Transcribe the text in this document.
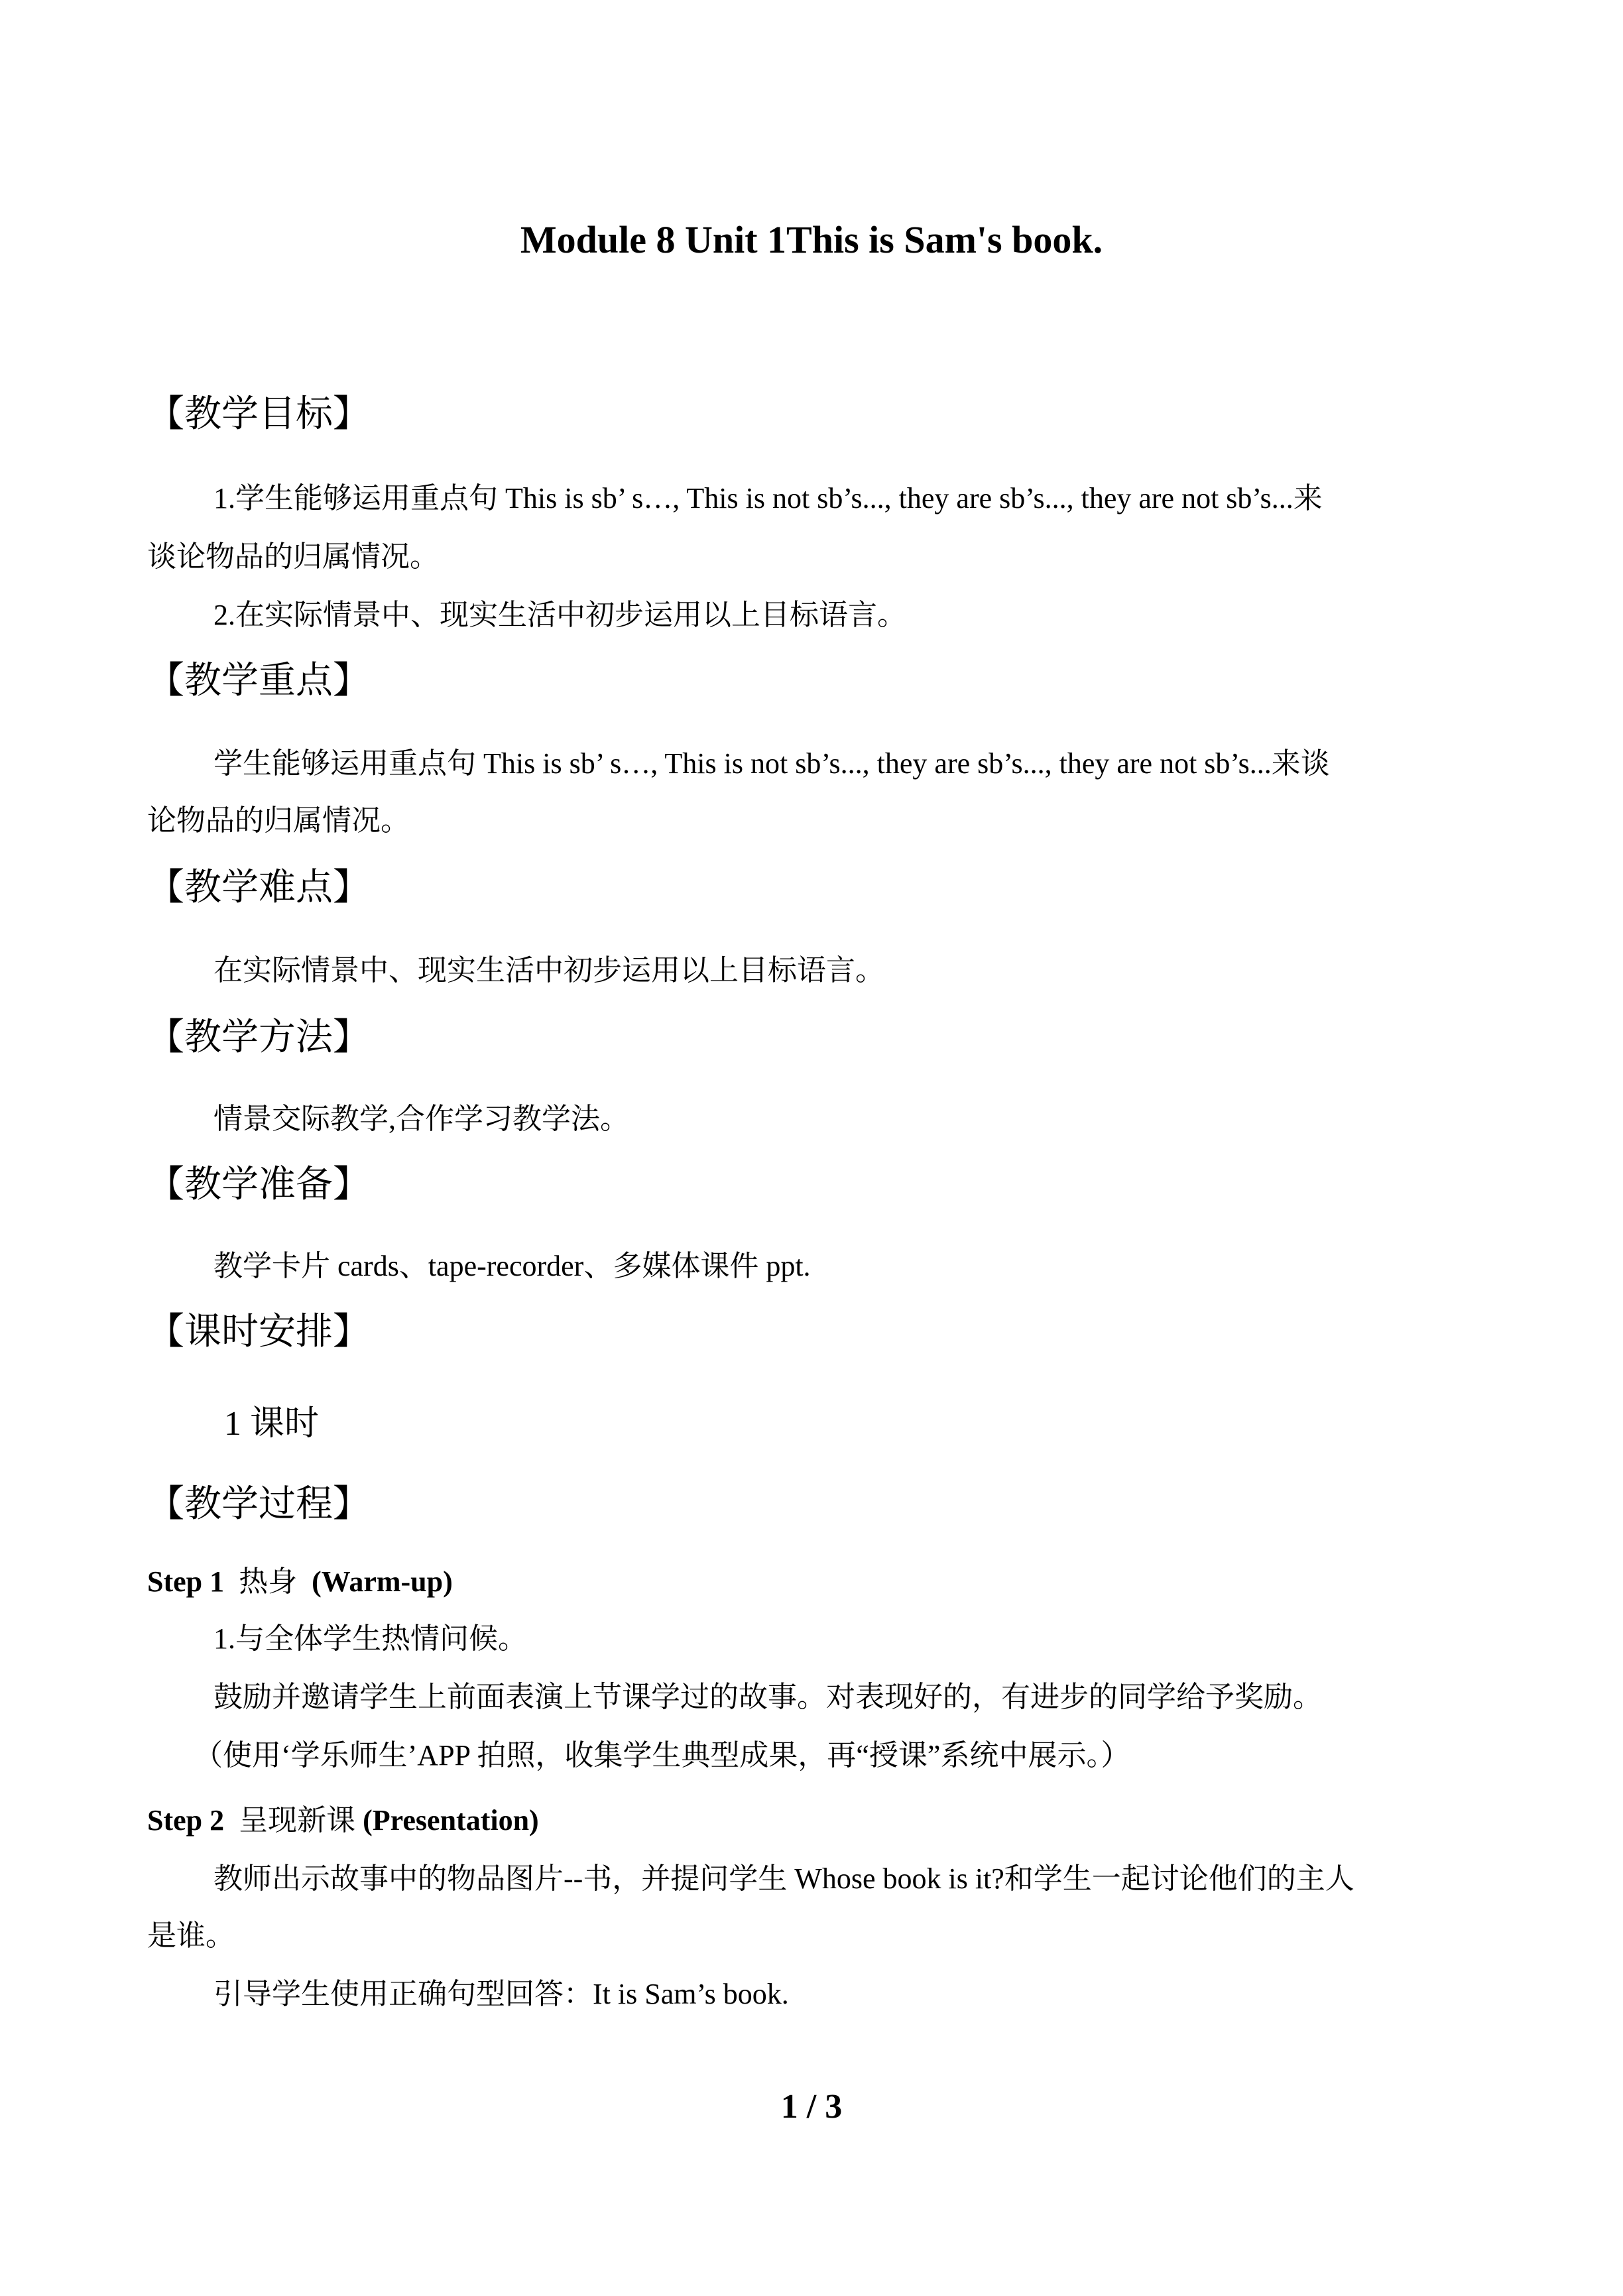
Module 8 Unit 1This is Sam's book.
【教学目标】
1.学生能够运用重点句 This is sb’ s…, This is not sb’s..., they are sb’s..., they are not sb’s...来
谈论物品的归属情况。
2.在实际情景中、现实生活中初步运用以上目标语言。
【教学重点】
学生能够运用重点句 This is sb’ s…, This is not sb’s..., they are sb’s..., they are not sb’s...来谈
论物品的归属情况。
【教学难点】
在实际情景中、现实生活中初步运用以上目标语言。
【教学方法】
情景交际教学,合作学习教学法。
【教学准备】
教学卡片 cards、tape-recorder、多媒体课件 ppt.
【课时安排】
1 课时
【教学过程】
Step 1 热身 (Warm-up)
1.与全体学生热情问候。
鼓励并邀请学生上前面表演上节课学过的故事。对表现好的，有进步的同学给予奖励。
（使用‘学乐师生’APP 拍照，收集学生典型成果，再“授课”系统中展示。）
Step 2 呈现新课 (Presentation)
教师出示故事中的物品图片--书，并提问学生 Whose book is it?和学生一起讨论他们的主人
是谁。
引导学生使用正确句型回答：It is Sam’s book.
1 / 3
